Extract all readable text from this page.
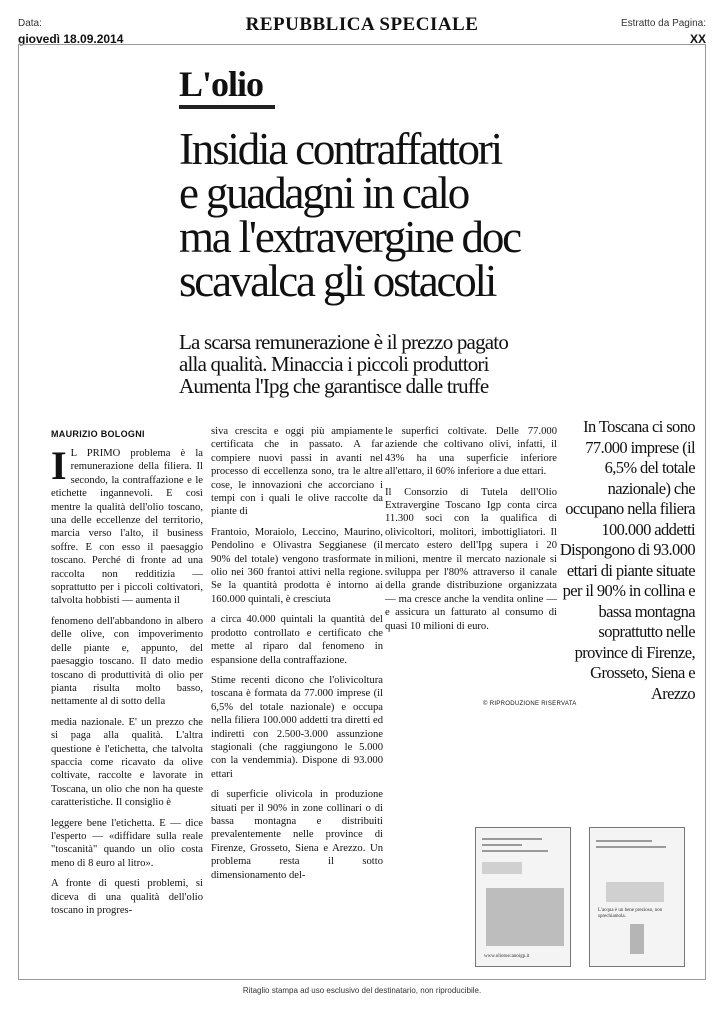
Data:
giovedì 18.09.2014
REPUBBLICA SPECIALE	Estratto da Pagina:
XX
L'olio
Insidia contraffattori
e guadagni in calo
ma l'extravergine doc
scavalca gli ostacoli
La scarsa remunerazione è il prezzo pagato
alla qualità. Minaccia i piccoli produttori
Aumenta l'Ipg che garantisce dalle truffe
MAURIZIO BOLOGNI

I L PRIMO problema è la remunerazione della filiera. Il secondo, la contraffazione e le etichette ingannevoli. E così mentre la qualità dell'olio toscano, una delle eccellenze del territorio, marcia verso l'alto, il business soffre. E con esso il paesaggio toscano. Perché di fronte ad una raccolta non redditizia — soprattutto per i piccoli coltivatori, talvolta hobbisti — aumenta il

fenomeno dell'abbandono in albero delle olive, con impoverimento delle piante e, appunto, del paesaggio toscano. Il dato medio toscano di produttività di olio per pianta risulta molto basso, nettamente al di sotto della

media nazionale. E' un prezzo che si paga alla qualità. L'altra questione è l'etichetta, che talvolta spaccia come ricavato da olive coltivate, raccolte e lavorate in Toscana, un olio che non ha queste caratteristiche. Il consiglio è

leggere bene l'etichetta. E — dice l'esperto — «diffidare sulla reale "toscanità" quando un olio costa meno di 8 euro al litro».

A fronte di questi problemi, si diceva di una qualità dell'olio toscano in progres-

siva crescita e oggi più ampiamente certificata che in passato. A far compiere nuovi passi in avanti nel processo di eccellenza sono, tra le altre cose, le innovazioni che accorciano i tempi con i quali le olive raccolte da piante di

Frantoio, Moraiolo, Leccino, Maurino, Pendolino e Olivastra Seggianese (il 90% del totale) vengono trasformate in olio nei 360 frantoi attivi nella regione. Se la quantità prodotta è intorno ai 160.000 quintali, è cresciuta

a circa 40.000 quintali la quantità del prodotto controllato e certificato che mette al riparo dal fenomeno in espansione della contraffazione.

Stime recenti dicono che l'olivicoltura toscana è formata da 77.000 imprese (il 6,5% del totale nazionale) e occupa nella filiera 100.000 addetti tra diretti ed indiretti con 2.500-3.000 assunzione stagionali (che raggiungono le 5.000 con la vendemmia). Dispone di 93.000 ettari

di superficie olivicola in produzione situati per il 90% in zone collinari o di bassa montagna e distribuiti prevalentemente nelle province di Firenze, Grosseto, Siena e Arezzo. Un problema resta il sotto dimensionamento del-

le superfici coltivate. Delle 77.000 aziende che coltivano olivi, infatti, il 43% ha una superficie inferiore all'ettaro, il 60% inferiore a due ettari.

Il Consorzio di Tutela dell'Olio Extravergine Toscano Igp conta circa 11.300 soci con la qualifica di olivicoltori, molitori, imbottigliatori. Il mercato estero dell'Ipg supera i 20 milioni, mentre il mercato nazionale si sviluppa per l'80% attraverso il canale della grande distribuzione organizzata — ma cresce anche la vendita online — e assicura un fatturato al consumo di quasi 10 milioni di euro.

© RIPRODUZIONE RISERVATA
In Toscana ci sono 77.000 imprese (il 6,5% del totale nazionale) che occupano nella filiera 100.000 addetti Dispongono di 93.000 ettari di piante situate per il 90% in collina e bassa montagna soprattutto nelle province di Firenze, Grosseto, Siena e Arezzo
www.oliotoscanoigp.it
L'acqua è un bene prezioso, non sprechiamola.
Ritaglio stampa ad uso esclusivo del destinatario, non riproducibile.
